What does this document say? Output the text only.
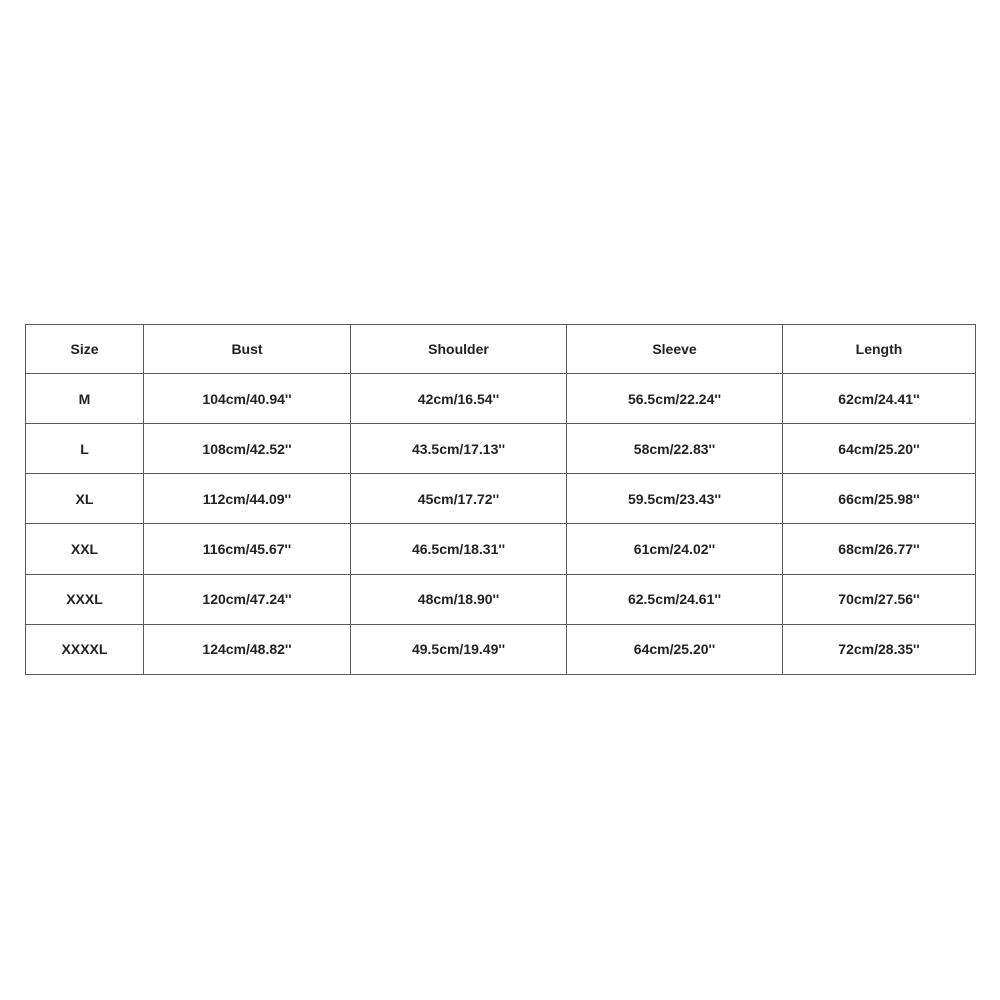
Size	Bust	Shoulder	Sleeve	Length
M	104cm/40.94''	42cm/16.54''	56.5cm/22.24''	62cm/24.41''
L	108cm/42.52''	43.5cm/17.13''	58cm/22.83''	64cm/25.20''
XL	112cm/44.09''	45cm/17.72''	59.5cm/23.43''	66cm/25.98''
XXL	116cm/45.67''	46.5cm/18.31''	61cm/24.02''	68cm/26.77''
XXXL	120cm/47.24''	48cm/18.90''	62.5cm/24.61''	70cm/27.56''
XXXXL	124cm/48.82''	49.5cm/19.49''	64cm/25.20''	72cm/28.35''
